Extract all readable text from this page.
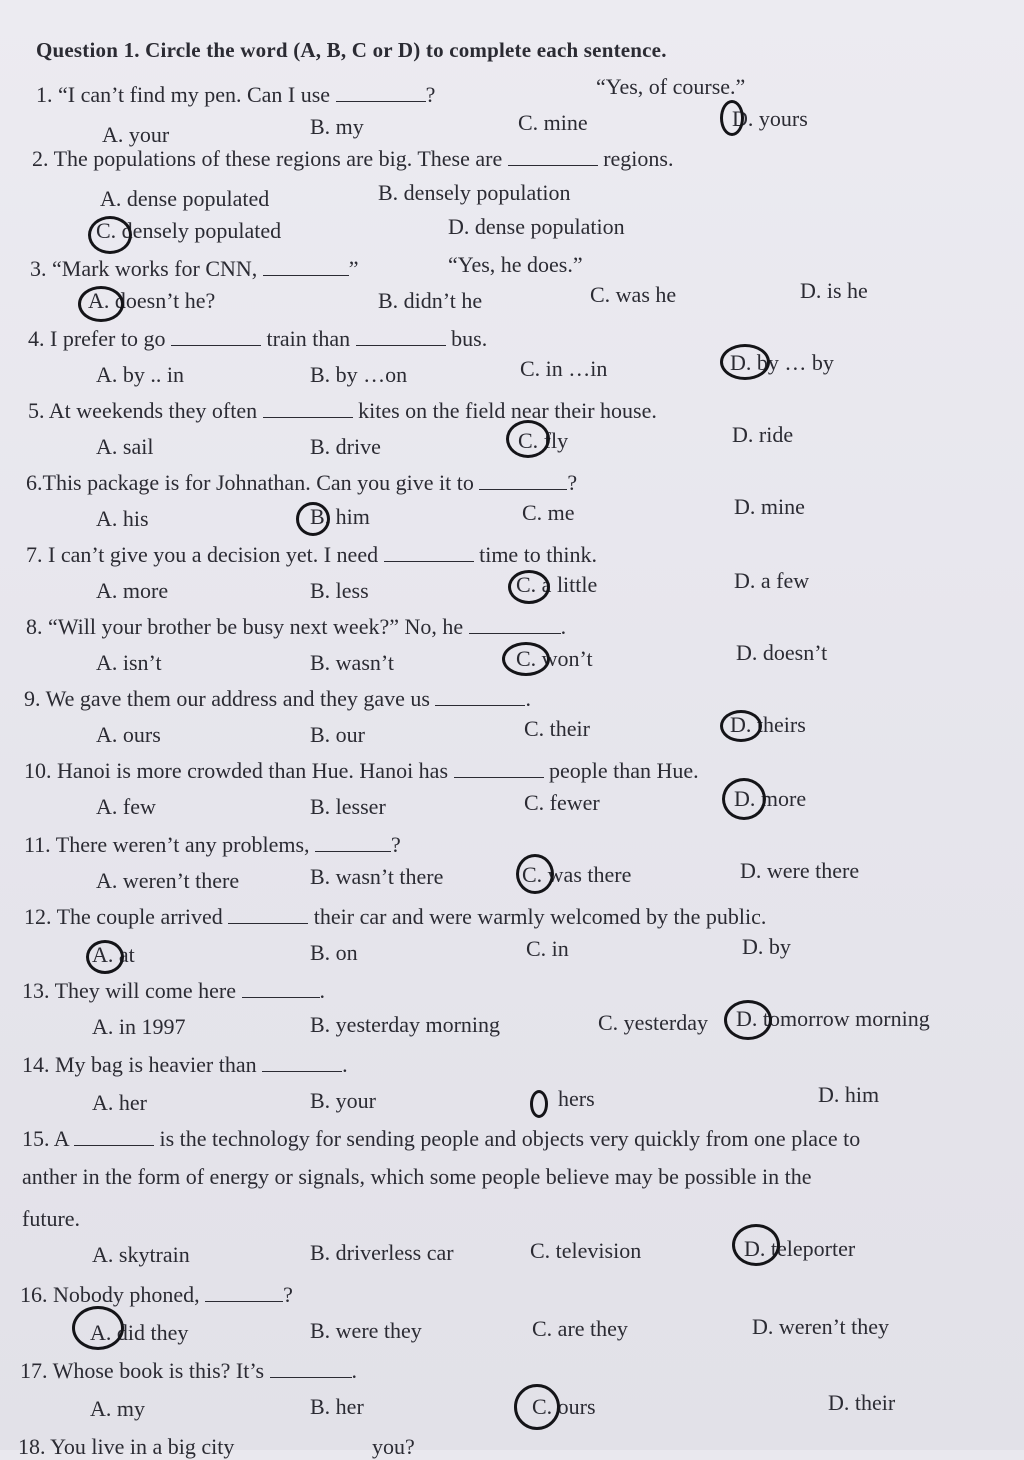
Question 1. Circle the word (A, B, C or D) to complete each sentence.
1. “I can’t find my pen. Can I use	?	“Yes, of course.”
A. your	B. my	C. mine	D. yours
2. The populations of these regions are big. These are	regions.
A. dense populated	B. densely population
C. densely populated	D. dense population
3. “Mark works for CNN,	”	“Yes, he does.”
A. doesn’t he?	B. didn’t he	C. was he	D. is he
4. I prefer to go	train than	bus.
A. by .. in	B. by …on	C. in …in	D. by … by
5. At weekends they often	kites on the field near their house.
A. sail	B. drive	C. fly	D. ride
6.This package is for Johnathan. Can you give it to	?
A. his	B. him	C. me	D. mine
7. I can’t give you a decision yet. I need	time to think.
A. more	B. less	C. a little	D. a few
8. “Will your brother be busy next week?” No, he	.
A. isn’t	B. wasn’t	C. won’t	D. doesn’t
9. We gave them our address and they gave us	.
A. ours	B. our	C. their	D. theirs
10. Hanoi is more crowded than Hue. Hanoi has	people than Hue.
A. few	B. lesser	C. fewer	D. more
11. There weren’t any problems,	?
A. weren’t there	B. wasn’t there	C. was there	D. were there
12. The couple arrived	their car and were warmly welcomed by the public.
A. at	B. on	C. in	D. by
13. They will come here	.
A. in 1997	B. yesterday morning	C. yesterday D. tomorrow morning
14. My bag is heavier than	.
A. her	B. your	hers	D. him
15. A	is the technology for sending people and objects very quickly from one place to
anther in the form of energy or signals, which some people believe may be possible in the
future.
A. skytrain	B. driverless car	C. television	D. teleporter
16. Nobody phoned,	?
A. did they	B. were they	C. are they	D. weren’t they
17. Whose book is this? It’s	.
A. my	B. her	C. ours	D. their
18. You live in a big city	you?
